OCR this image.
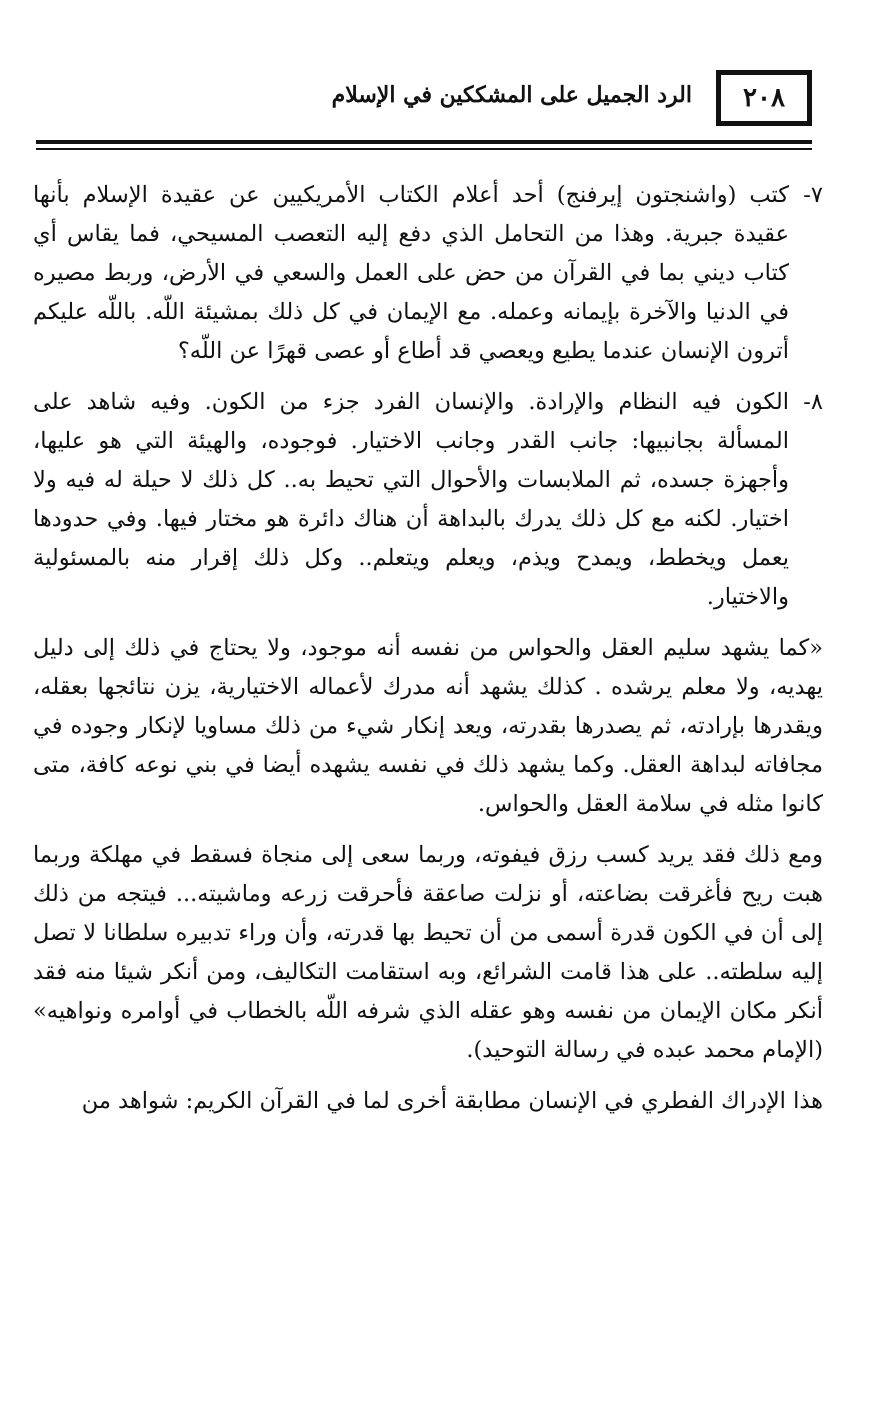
٢٠٨
الرد الجميل على المشككين في الإسلام
٧-
كتب (واشنجتون إيرفنج) أحد أعلام الكتاب الأمريكيين عن عقيدة الإسلام بأنها عقيدة جبرية. وهذا من التحامل الذي دفع إليه التعصب المسيحي، فما يقاس أي كتاب ديني بما في القرآن من حض على العمل والسعي في الأرض، وربط مصيره في الدنيا والآخرة بإيمانه وعمله. مع الإيمان في كل ذلك بمشيئة اللّه. باللّه عليكم أترون الإنسان عندما يطيع ويعصي قد أطاع أو عصى قهرًا عن اللّه؟
٨-
الكون فيه النظام والإرادة. والإنسان الفرد جزء من الكون. وفيه شاهد على المسألة بجانبيها: جانب القدر وجانب الاختيار. فوجوده، والهيئة التي هو عليها، وأجهزة جسده، ثم الملابسات والأحوال التي تحيط به.. كل ذلك لا حيلة له فيه ولا اختيار. لكنه مع كل ذلك يدرك بالبداهة أن هناك دائرة هو مختار فيها. وفي حدودها يعمل ويخطط، ويمدح ويذم، ويعلم ويتعلم.. وكل ذلك إقرار منه بالمسئولية والاختيار.

«كما يشهد سليم العقل والحواس من نفسه أنه موجود، ولا يحتاج في ذلك إلى دليل يهديه، ولا معلم يرشده . كذلك يشهد أنه مدرك لأعماله الاختيارية، يزن نتائجها بعقله، ويقدرها بإرادته، ثم يصدرها بقدرته، ويعد إنكار شيء من ذلك مساويا لإنكار وجوده في مجافاته لبداهة العقل. وكما يشهد ذلك في نفسه يشهده أيضا في بني نوعه كافة، متى كانوا مثله في سلامة العقل والحواس.

ومع ذلك فقد يريد كسب رزق فيفوته، وربما سعى إلى منجاة فسقط في مهلكة وربما هبت ريح فأغرقت بضاعته، أو نزلت صاعقة فأحرقت زرعه وماشيته... فيتجه من ذلك إلى أن في الكون قدرة أسمى من أن تحيط بها قدرته، وأن وراء تدبيره سلطانا لا تصل إليه سلطته.. على هذا قامت الشرائع، وبه استقامت التكاليف، ومن أنكر شيئا منه فقد أنكر مكان الإيمان من نفسه وهو عقله الذي شرفه اللّه بالخطاب في أوامره ونواهيه» (الإمام محمد عبده في رسالة التوحيد).

هذا الإدراك الفطري في الإنسان مطابقة أخرى لما في القرآن الكريم: شواهد من
